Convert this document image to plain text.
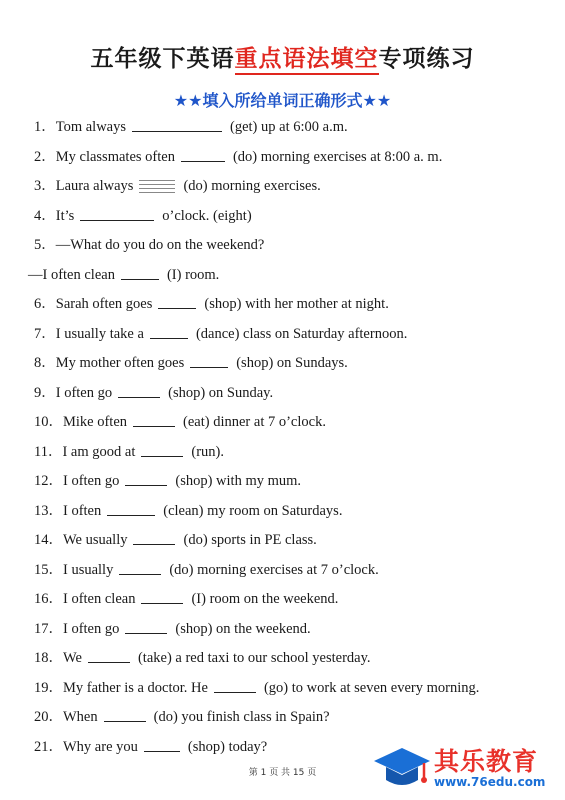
五年级下英语重点语法填空专项练习
★★填入所给单词正确形式★★
1．Tom always	(get) up at 6:00 a.m.
2．My classmates often	(do) morning exercises at 8:00 a. m.
3．Laura always	(do) morning exercises.
4．It’s	o’clock. (eight)
5．—What do you do on the weekend?
—I often clean	(I) room.
6．Sarah often goes	(shop) with her mother at night.
7．I usually take a	(dance) class on Saturday afternoon.
8．My mother often goes	(shop) on Sundays.
9．I often go	(shop) on Sunday.
10．Mike often	(eat) dinner at 7 o’clock.
11．I am good at	(run).
12．I often go	(shop) with my mum.
13．I often	(clean) my room on Saturdays.
14．We usually	(do) sports in PE class.
15．I usually	(do) morning exercises at 7 o’clock.
16．I often clean	(I) room on the weekend.
17．I often go	(shop) on the weekend.
18．We	(take) a red taxi to our school yesterday.
19．My father is a doctor. He	(go) to work at seven every morning.
20．When	(do) you finish class in Spain?
21．Why are you	(shop) today?
第 1 页 共 15 页	其乐教育
www.76edu.com
